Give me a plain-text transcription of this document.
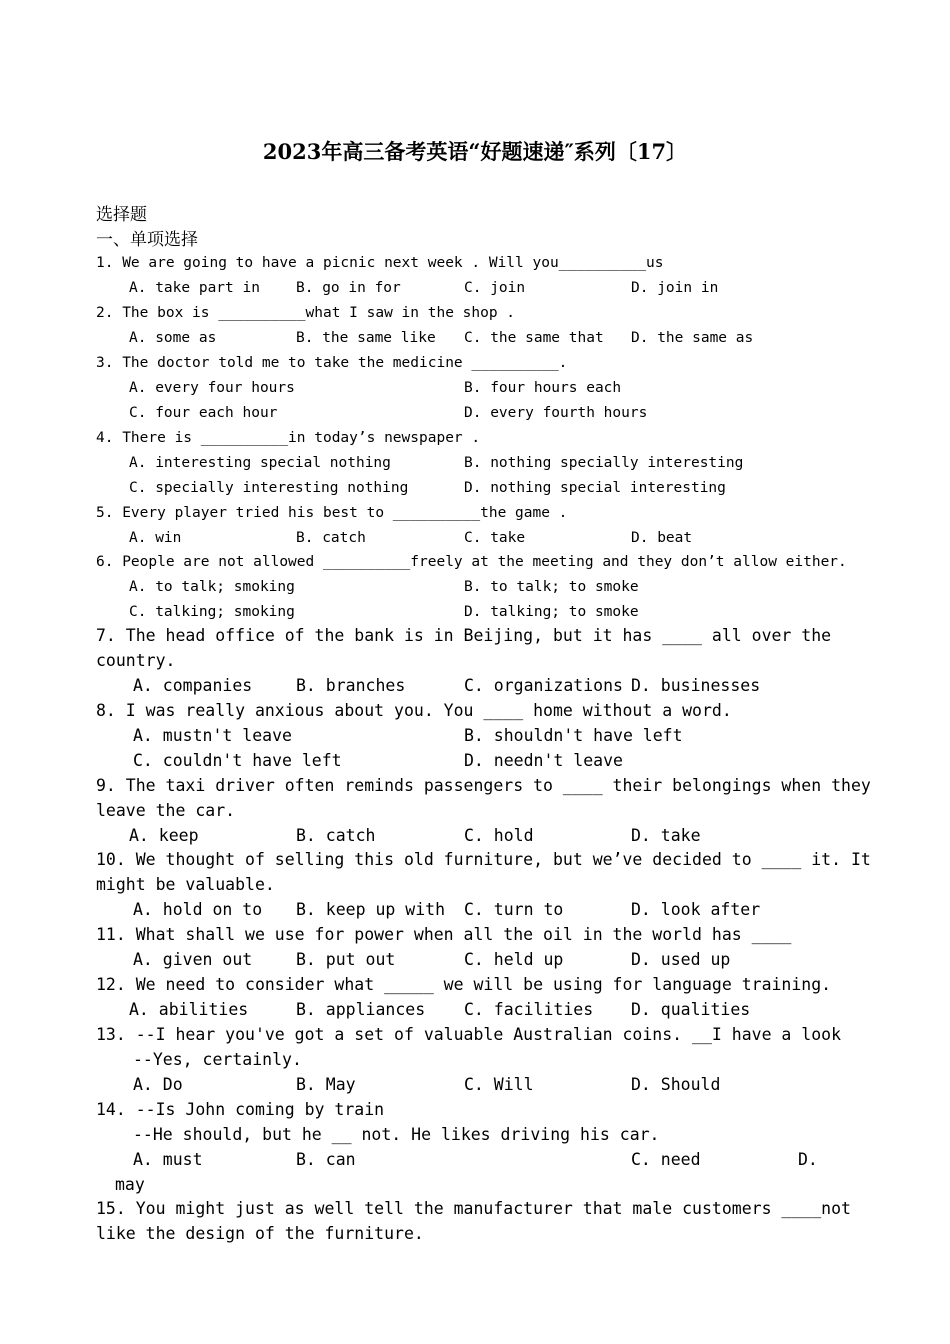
2023年高三备考英语“好题速递″系列〔17〕
选择题
一、单项选择
1. We are going to have a picnic next week . Will you__________us
A. take part in B. go in for	C. join	D. join in
2. The box is __________what I saw in the shop .
A. some as	B. the same like C. the same that D. the same as
3. The doctor told me to take the medicine __________.
A. every four hours	B. four hours each
C. four each hour	D. every fourth hours
4. There is __________in today’s newspaper .
A. interesting special nothing	B. nothing specially interesting
C. specially interesting nothing	D. nothing special interesting
5. Every player tried his best to __________the game .
A. win	B. catch	C. take	D. beat
6. People are not allowed __________freely at the meeting and they don’t allow either.
A. to talk; smoking	B. to talk; to smoke
C. talking; smoking	D. talking; to smoke
7. The head office of the bank is in Beijing, but it has ____ all over the
country.
A. companies	B. branches	C. organizations D. businesses
8. I was really anxious about you. You ____ home without a word.
A. mustn't leave	B. shouldn't have left
C. couldn't have left	D. needn't leave
9. The taxi driver often reminds passengers to ____ their belongings when they
leave the car.
A. keep	B. catch	C. hold	D. take
10. We thought of selling this old furniture, but we’ve decided to ____ it. It
might be valuable.
A. hold on to B. keep up with C. turn to	D. look after
11. What shall we use for power when all the oil in the world has ____
A. given out	B. put out	C. held up	D. used up
12. We need to consider what _____ we will be using for language training.
A. abilities	B. appliances C. facilities D. qualities
13. --I hear you've got a set of valuable Australian coins. __I have a look
--Yes, certainly.
A. Do	B. May	C. Will	D. Should
14. --Is John coming by train
--He should, but he __ not. He likes driving his car.
A. must	B. can	C. need	D.
may
15. You might just as well tell the manufacturer that male customers ____not
like the design of the furniture.
